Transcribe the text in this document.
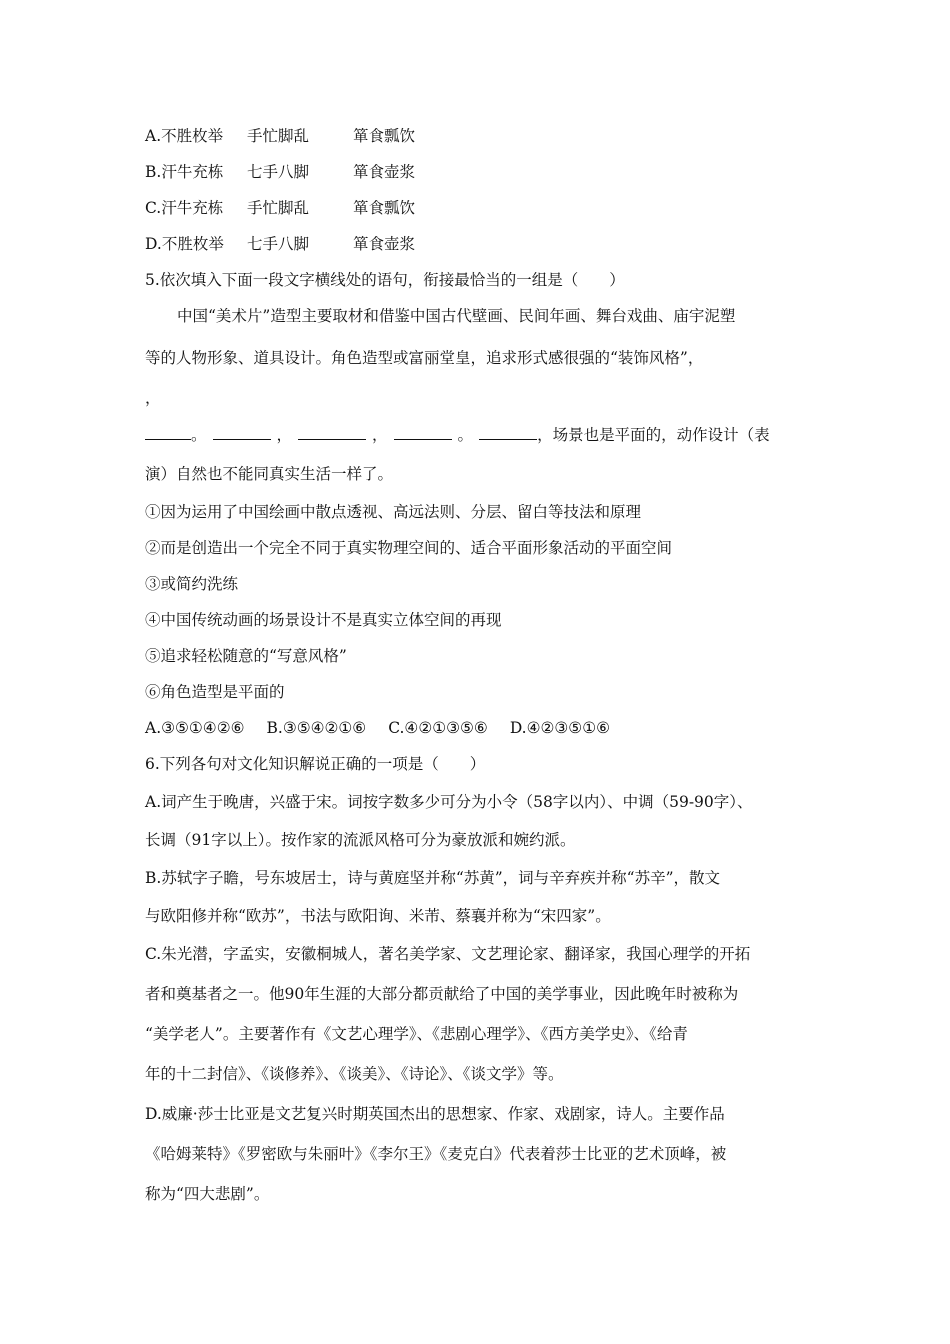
A.不胜枚举 手忙脚乱	箪食瓢饮
B.汗牛充栋 七手八脚	箪食壶浆
C.汗牛充栋 手忙脚乱	箪食瓢饮
D.不胜枚举 七手八脚	箪食壶浆
5.依次填入下面一段文字横线处的语句，衔接最恰当的一组是（　　）
中国“美术片”造型主要取材和借鉴中国古代壁画、民间年画、舞台戏曲、庙宇泥塑
等的人物形象、道具设计。角色造型或富丽堂皇，追求形式感很强的“装饰风格”，
，
。	，	，	。	，场景也是平面的，动作设计（表
演）自然也不能同真实生活一样了。
①因为运用了中国绘画中散点透视、高远法则、分层、留白等技法和原理
②而是创造出一个完全不同于真实物理空间的、适合平面形象活动的平面空间
③或简约洗练
④中国传统动画的场景设计不是真实立体空间的再现
⑤追求轻松随意的“写意风格”
⑥角色造型是平面的
A.③⑤①④②⑥ B.③⑤④②①⑥ C.④②①③⑤⑥ D.④②③⑤①⑥
6.下列各句对文化知识解说正确的一项是（　　）
A.词产生于晚唐，兴盛于宋。词按字数多少可分为小令（58字以内）、中调（59-90字）、
长调（91字以上）。按作家的流派风格可分为豪放派和婉约派。
B.苏轼字子瞻，号东坡居士，诗与黄庭坚并称“苏黄”，词与辛弃疾并称“苏辛”，散文
与欧阳修并称“欧苏”，书法与欧阳询、米芾、蔡襄并称为“宋四家”。
C.朱光潜，字孟实，安徽桐城人，著名美学家、文艺理论家、翻译家，我国心理学的开拓
者和奠基者之一。他90年生涯的大部分都贡献给了中国的美学事业，因此晚年时被称为
“美学老人”。主要著作有《文艺心理学》、《悲剧心理学》、《西方美学史》、《给青
年的十二封信》、《谈修养》、《谈美》、《诗论》、《谈文学》等。
D.威廉·莎士比亚是文艺复兴时期英国杰出的思想家、作家、戏剧家，诗人。主要作品
《哈姆莱特》《罗密欧与朱丽叶》《李尔王》《麦克白》代表着莎士比亚的艺术顶峰，被
称为“四大悲剧”。
